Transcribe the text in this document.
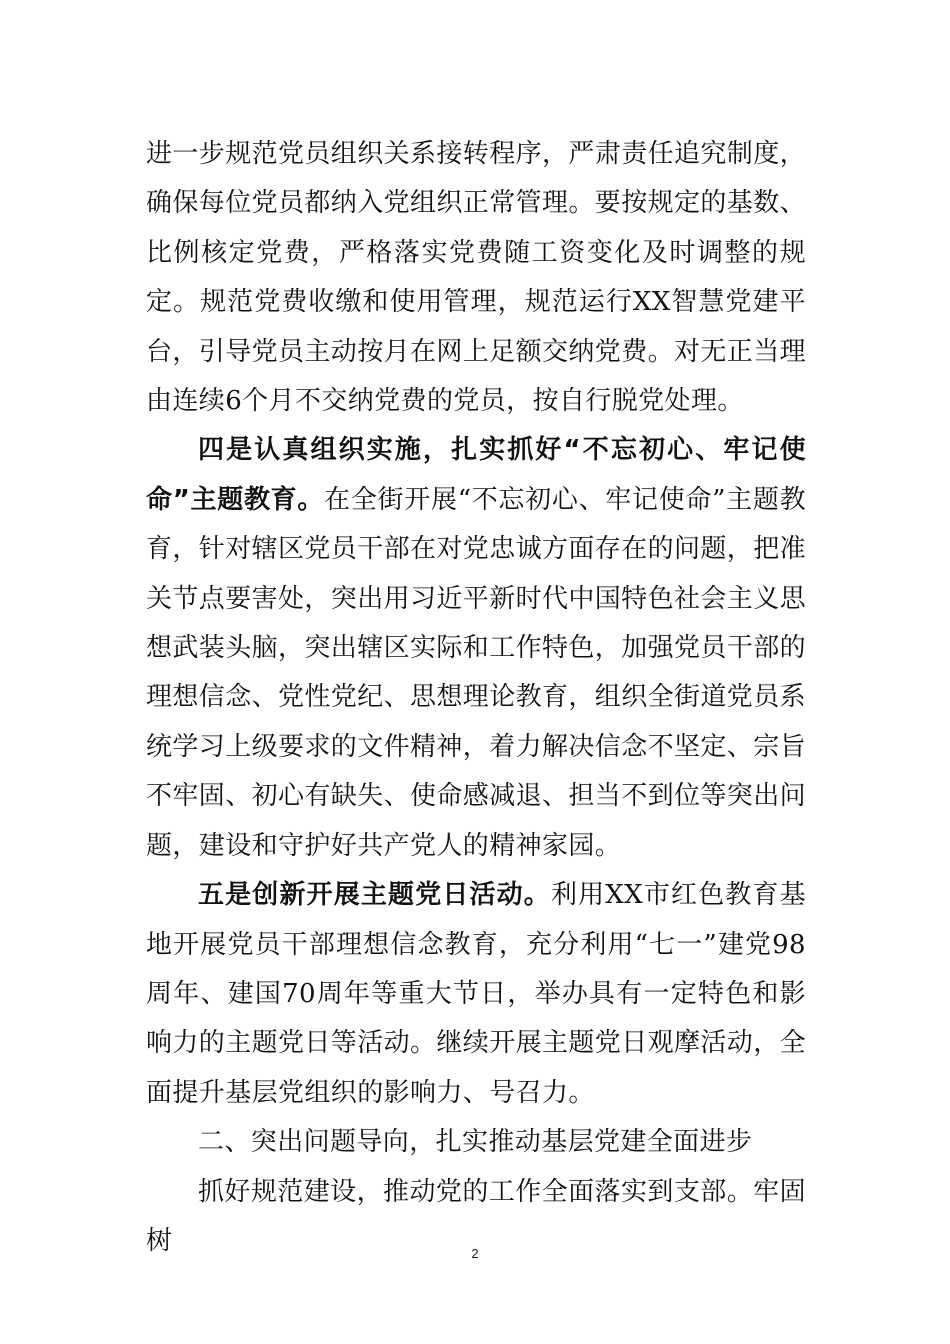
进一步规范党员组织关系接转程序，严肃责任追究制度，确保每位党员都纳入党组织正常管理。要按规定的基数、比例核定党费，严格落实党费随工资变化及时调整的规定。规范党费收缴和使用管理，规范运行XX智慧党建平台，引导党员主动按月在网上足额交纳党费。对无正当理由连续6个月不交纳党费的党员，按自行脱党处理。

四是认真组织实施，扎实抓好“不忘初心、牢记使命”主题教育。在全街开展“不忘初心、牢记使命”主题教育，针对辖区党员干部在对党忠诚方面存在的问题，把准关节点要害处，突出用习近平新时代中国特色社会主义思想武装头脑，突出辖区实际和工作特色，加强党员干部的理想信念、党性党纪、思想理论教育，组织全街道党员系统学习上级要求的文件精神，着力解决信念不坚定、宗旨不牢固、初心有缺失、使命感减退、担当不到位等突出问题，建设和守护好共产党人的精神家园。

五是创新开展主题党日活动。利用XX市红色教育基地开展党员干部理想信念教育，充分利用“七一”建党98周年、建国70周年等重大节日，举办具有一定特色和影响力的主题党日等活动。继续开展主题党日观摩活动，全面提升基层党组织的影响力、号召力。

二、突出问题导向，扎实推动基层党建全面进步

抓好规范建设，推动党的工作全面落实到支部。牢固树	2
